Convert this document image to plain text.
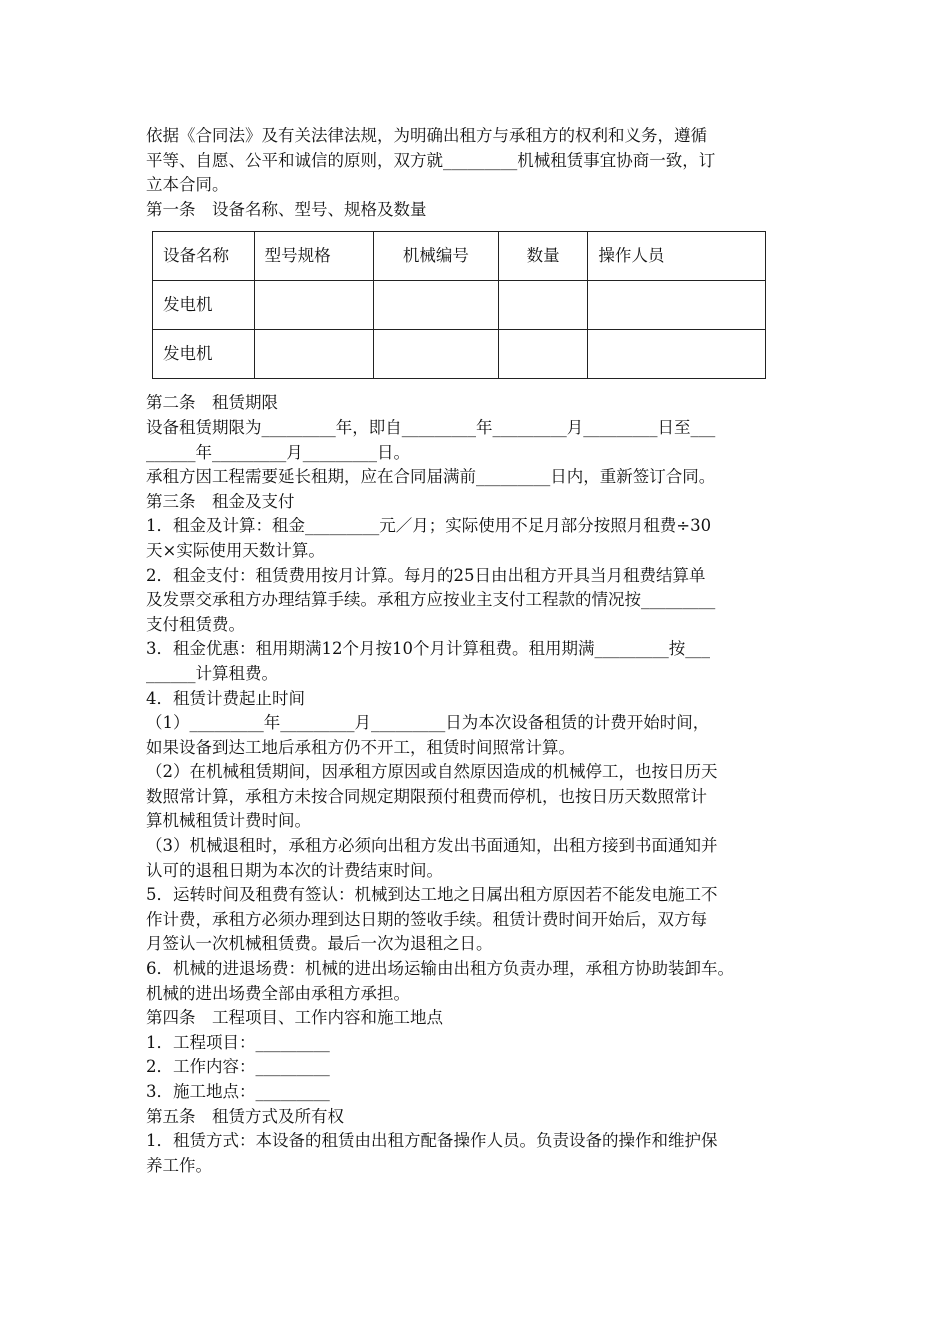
依据《合同法》及有关法律法规，为明确出租方与承租方的权利和义务，遵循

平等、自愿、公平和诚信的原则，双方就_________机械租赁事宜协商一致，订

立本合同。

第一条　设备名称、型号、规格及数量

设备名称	型号规格	机械编号	数量	操作人员
发电机				
发电机				

第二条　租赁期限

设备租赁期限为_________年，即自_________年_________月_________日至___

______年_________月_________日。

承租方因工程需要延长租期，应在合同届满前_________日内，重新签订合同。

第三条　租金及支付

1．租金及计算：租金_________元／月；实际使用不足月部分按照月租费÷30

天×实际使用天数计算。

2．租金支付：租赁费用按月计算。每月的25日由出租方开具当月租费结算单

及发票交承租方办理结算手续。承租方应按业主支付工程款的情况按_________

支付租赁费。

3．租金优惠：租用期满12个月按10个月计算租费。租用期满_________按___

______计算租费。

4．租赁计费起止时间

（1）_________年_________月_________日为本次设备租赁的计费开始时间，

如果设备到达工地后承租方仍不开工，租赁时间照常计算。

（2）在机械租赁期间，因承租方原因或自然原因造成的机械停工，也按日历天

数照常计算，承租方未按合同规定期限预付租费而停机，也按日历天数照常计

算机械租赁计费时间。

（3）机械退租时，承租方必须向出租方发出书面通知，出租方接到书面通知并

认可的退租日期为本次的计费结束时间。

5．运转时间及租费有签认：机械到达工地之日属出租方原因若不能发电施工不

作计费，承租方必须办理到达日期的签收手续。租赁计费时间开始后，双方每

月签认一次机械租赁费。最后一次为退租之日。

6．机械的进退场费：机械的进出场运输由出租方负责办理，承租方协助装卸车。

机械的进出场费全部由承租方承担。

第四条　工程项目、工作内容和施工地点

1．工程项目：_________

2．工作内容：_________

3．施工地点：_________

第五条　租赁方式及所有权

1．租赁方式：本设备的租赁由出租方配备操作人员。负责设备的操作和维护保

养工作。
